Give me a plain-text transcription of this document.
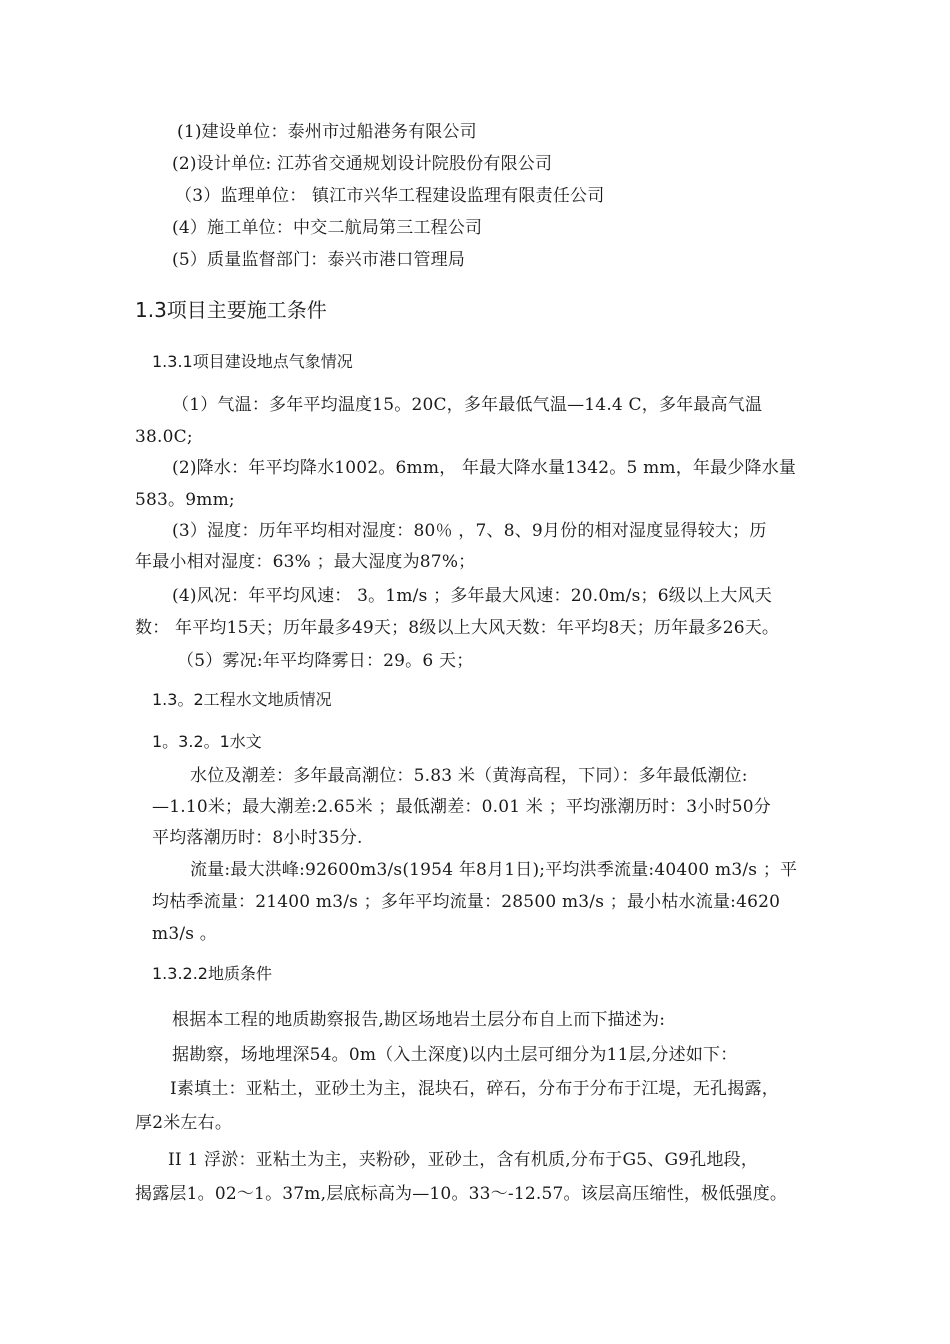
(1)建设单位：泰州市过船港务有限公司
(2)设计单位: 江苏省交通规划设计院股份有限公司
（3）监理单位： 镇江市兴华工程建设监理有限责任公司
(4）施工单位：中交二航局第三工程公司
(5）质量监督部门：泰兴市港口管理局
1.3项目主要施工条件
1.3.1项目建设地点气象情况
（1）气温：多年平均温度15。20C，多年最低气温—14.4 C，多年最高气温
38.0C;
(2)降水：年平均降水1002。6mm， 年最大降水量1342。5 mm，年最少降水量
583。9mm;
(3）湿度：历年平均相对湿度：80％ ，7、8、9月份的相对湿度显得较大；历
年最小相对湿度：63% ；最大湿度为87%；
(4)风况：年平均风速： 3。1m/s ；多年最大风速：20.0m/s；6级以上大风天
数： 年平均15天；历年最多49天；8级以上大风天数：年平均8天；历年最多26天。
（5）雾况:年平均降雾日：29。6 天；
1.3。2工程水文地质情况
1。3.2。1水文
水位及潮差：多年最高潮位：5.83 米（黄海高程，下同）：多年最低潮位:
—1.10米；最大潮差:2.65米 ；最低潮差：0.01 米 ；平均涨潮历时：3小时50分
平均落潮历时：8小时35分.
流量:最大洪峰:92600m3/s(1954 年8月1日);平均洪季流量:40400 m3/s ；平
均枯季流量：21400 m3/s ；多年平均流量：28500 m3/s ；最小枯水流量:4620
m3/s 。
1.3.2.2地质条件
根据本工程的地质勘察报告,勘区场地岩土层分布自上而下描述为:
据勘察，场地埋深54。0m（入土深度)以内土层可细分为11层,分述如下：
I素填土：亚粘土，亚砂土为主，混块石，碎石，分布于分布于江堤，无孔揭露，
厚2米左右。
II 1 浮淤：亚粘土为主，夹粉砂，亚砂土，含有机质,分布于G5、G9孔地段，
揭露层1。02～1。37m,层底标高为—10。33～-12.57。该层高压缩性，极低强度。
